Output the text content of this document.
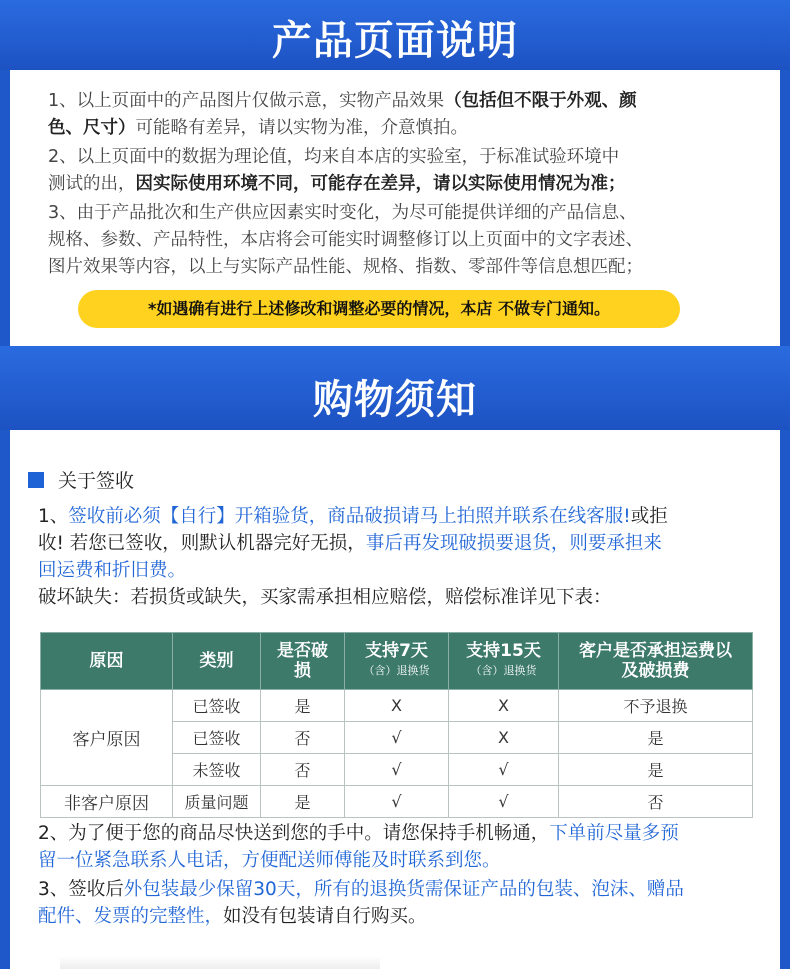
产品页面说明
1、以上页面中的产品图片仅做示意，实物产品效果（包括但不限于外观、颜
色、尺寸）可能略有差异，请以实物为准，介意慎拍。
2、以上页面中的数据为理论值，均来自本店的实验室，于标准试验环境中
测试的出，因实际使用环境不同，可能存在差异，请以实际使用情况为准；
3、由于产品批次和生产供应因素实时变化，为尽可能提供详细的产品信息、
规格、参数、产品特性，本店将会可能实时调整修订以上页面中的文字表述、
图片效果等内容，以上与实际产品性能、规格、指数、零部件等信息想匹配；
*如遇确有进行上述修改和调整必要的情况，本店 不做专门通知。
购物须知
关于签收
1、签收前必须【自行】开箱验货，商品破损请马上拍照并联系在线客服!或拒
收! 若您已签收，则默认机器完好无损，事后再发现破损要退货，则要承担来
回运费和折旧费。
破坏缺失：若损货或缺失，买家需承担相应赔偿，赔偿标准详见下表：
原因	类别	是否破损	支持7天
（含）退换货	支持15天
（含）退换货	客户是否承担运费以及破损费
客户原因	已签收	是	X	X	不予退换
	已签收	否	√	X	是
	未签收	否	√	√	是
非客户原因	质量问题	是	√	√	否
2、为了便于您的商品尽快送到您的手中。请您保持手机畅通，下单前尽量多预
留一位紧急联系人电话，方便配送师傅能及时联系到您。
3、签收后外包装最少保留30天，所有的退换货需保证产品的包装、泡沫、赠品
配件、发票的完整性，如没有包装请自行购买。
